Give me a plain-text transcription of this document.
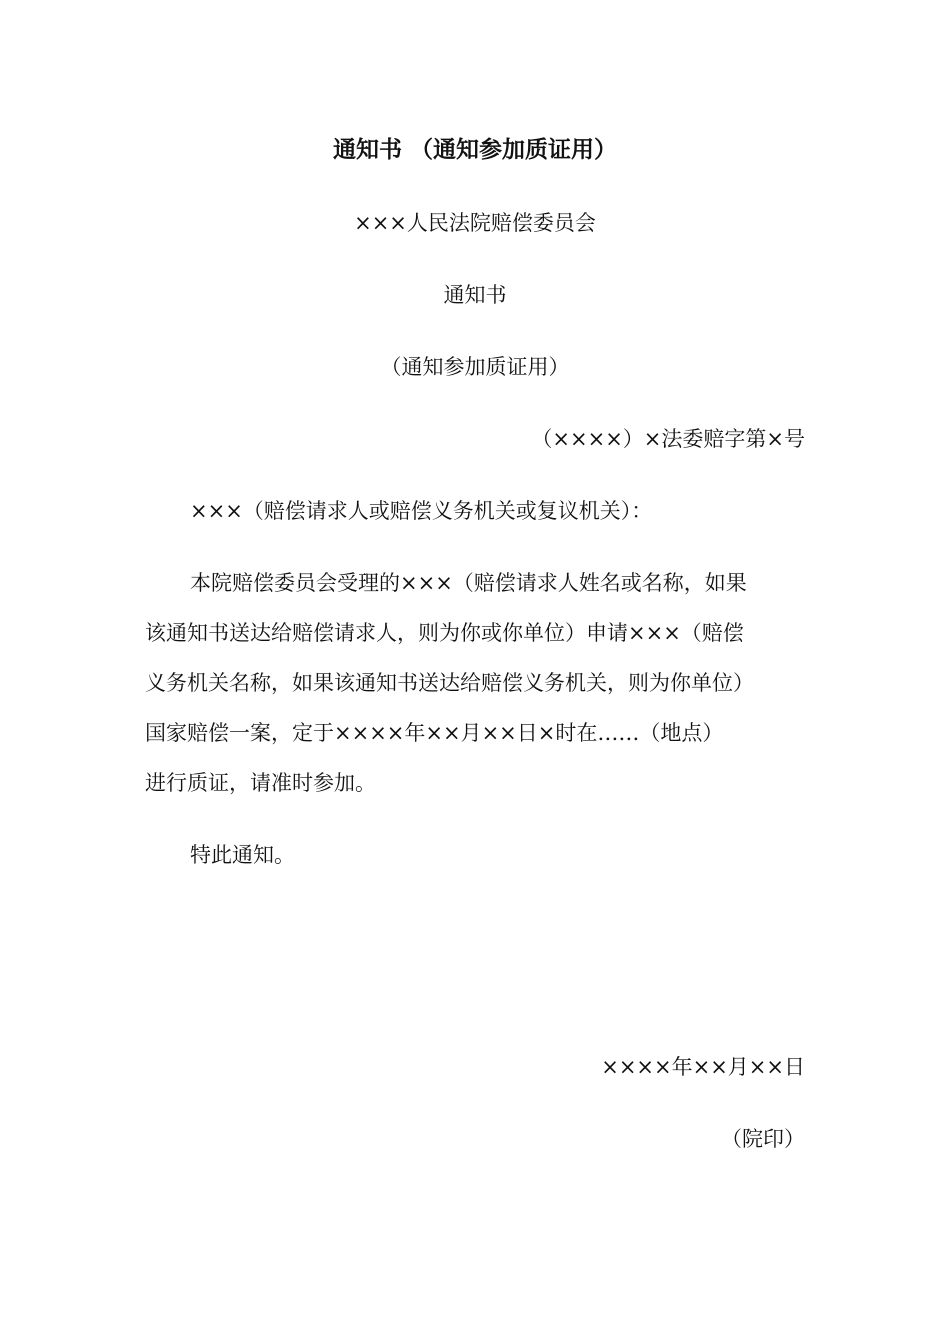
通知书 （通知参加质证用）
×××人民法院赔偿委员会
通知书
（通知参加质证用）
（××××）×法委赔字第×号
×××（赔偿请求人或赔偿义务机关或复议机关）：
本院赔偿委员会受理的×××（赔偿请求人姓名或名称，如果
该通知书送达给赔偿请求人，则为你或你单位）申请×××（赔偿
义务机关名称，如果该通知书送达给赔偿义务机关，则为你单位）
国家赔偿一案，定于××××年××月××日×时在……（地点）
进行质证，请准时参加。
特此通知。
××××年××月××日
（院印）
